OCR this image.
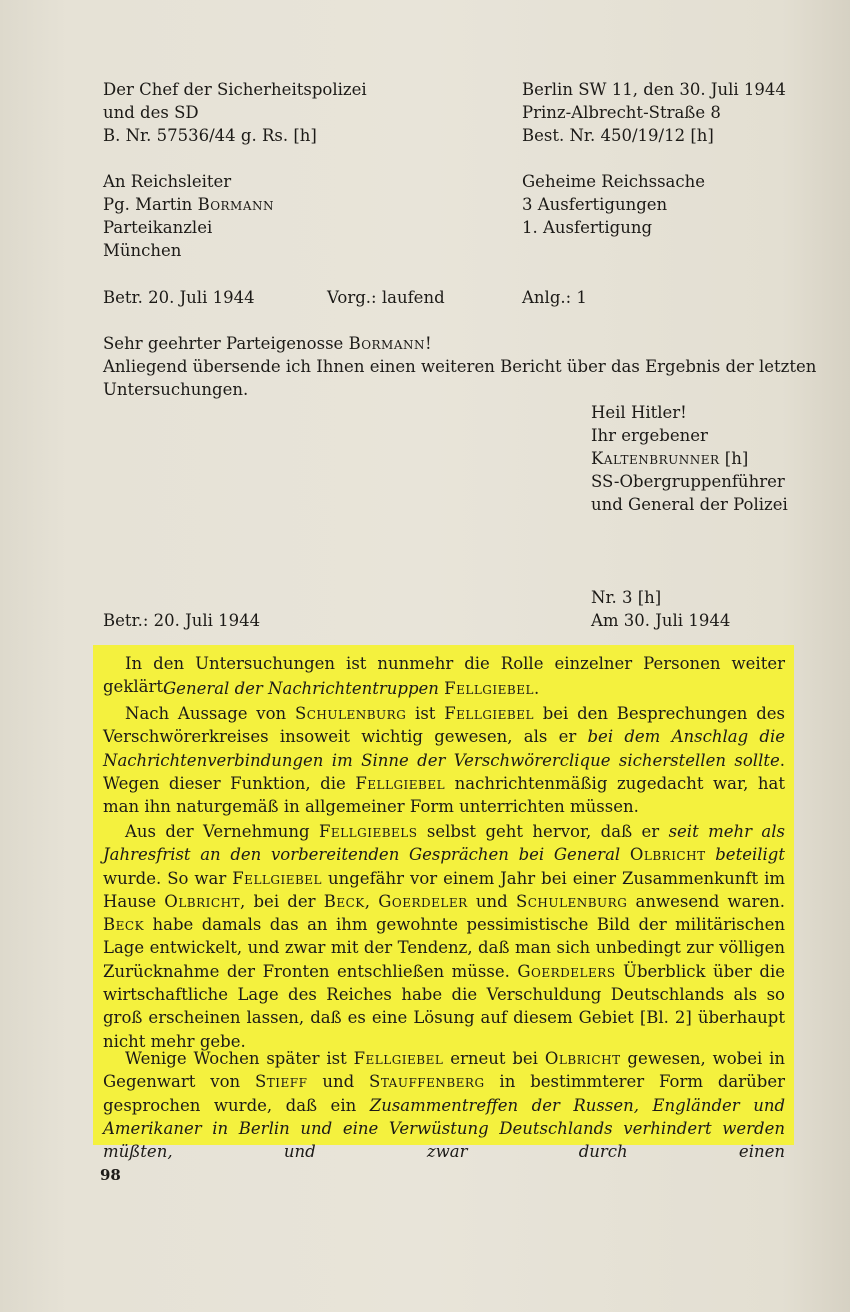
Der Chef der Sicherheitspolizei
und des SD
B. Nr. 57536/44 g. Rs. [h]
Berlin SW 11, den 30. Juli 1944
Prinz-Albrecht-Straße 8
Best. Nr. 450/19/12 [h]
An Reichsleiter
Pg. Martin Bormann
Parteikanzlei
München
Geheime Reichssache
3 Ausfertigungen
1. Ausfertigung
Betr. 20. Juli 1944	Vorg.: laufend	Anlg.: 1
Sehr geehrter Parteigenosse Bormann!
Anliegend übersende ich Ihnen einen weiteren Bericht über das Ergebnis der letzten
Untersuchungen.
Heil Hitler!
Ihr ergebener
Kaltenbrunner [h]
SS-Obergruppenführer
und General der Polizei
Nr. 3 [h]
Betr.: 20. Juli 1944	Am 30. Juli 1944
In den Untersuchungen ist nunmehr die Rolle einzelner Personen weiter geklärt.
General der Nachrichtentruppen Fellgiebel.
Nach Aussage von Schulenburg ist Fellgiebel bei den Besprechungen des Verschwörerkreises insoweit wichtig gewesen, als er bei dem Anschlag die Nachrichtenverbindungen im Sinne der Verschwörerclique sicherstellen sollte. Wegen dieser Funktion, die Fellgiebel nachrichtenmäßig zugedacht war, hat man ihn naturgemäß in allgemeiner Form unterrichten müssen.
Aus der Vernehmung Fellgiebels selbst geht hervor, daß er seit mehr als Jahresfrist an den vorbereitenden Gesprächen bei General Olbricht beteiligt wurde. So war Fellgiebel ungefähr vor einem Jahr bei einer Zusammenkunft im Hause Olbricht, bei der Beck, Goerdeler und Schulenburg anwesend waren. Beck habe damals das an ihm gewohnte pessimistische Bild der militärischen Lage entwickelt, und zwar mit der Tendenz, daß man sich unbedingt zur völligen Zurücknahme der Fronten entschließen müsse. Goerdelers Überblick über die wirtschaftliche Lage des Reiches habe die Verschuldung Deutschlands als so groß erscheinen lassen, daß es eine Lösung auf diesem Gebiet [Bl. 2] überhaupt nicht mehr gebe.
Wenige Wochen später ist Fellgiebel erneut bei Olbricht gewesen, wobei in Gegenwart von Stieff und Stauffenberg in bestimmterer Form darüber gesprochen wurde, daß ein Zusammentreffen der Russen, Engländer und Amerikaner in Berlin und eine Verwüstung Deutschlands verhindert werden müßten, und zwar durch einen
98
